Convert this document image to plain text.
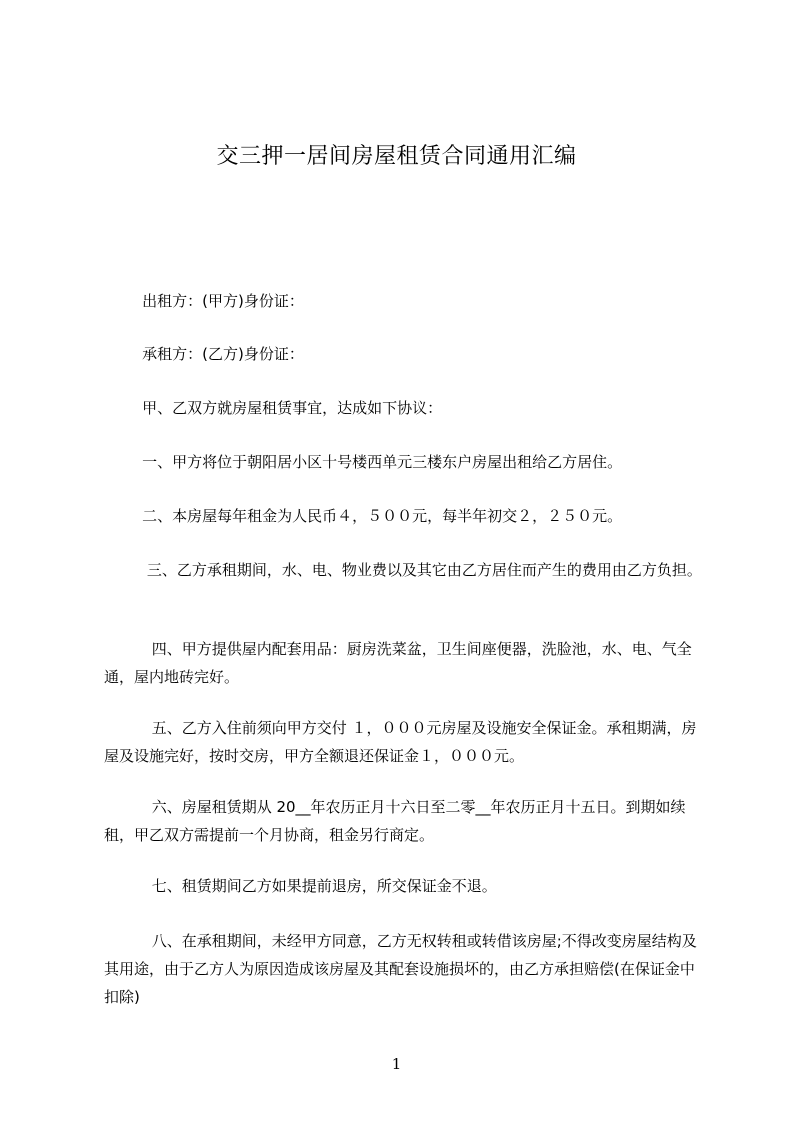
交三押一居间房屋租赁合同通用汇编

出租方：(甲方)身份证：

承租方：(乙方)身份证：

甲、乙双方就房屋租赁事宜，达成如下协议：

一、甲方将位于朝阳居小区十号楼西单元三楼东户房屋出租给乙方居住。

二、本房屋每年租金为人民币４，５００元，每半年初交２，２５０元。

三、乙方承租期间，水、电、物业费以及其它由乙方居住而产生的费用由乙方负担。

四、甲方提供屋内配套用品：厨房洗菜盆，卫生间座便器，洗脸池，水、电、气全通，屋内地砖完好。

五、乙方入住前须向甲方交付 １，０００元房屋及设施安全保证金。承租期满，房屋及设施完好，按时交房，甲方全额退还保证金１，０００元。

六、房屋租赁期从 20__年农历正月十六日至二零__年农历正月十五日。到期如续租，甲乙双方需提前一个月协商，租金另行商定。

七、租赁期间乙方如果提前退房，所交保证金不退。

八、在承租期间，未经甲方同意，乙方无权转租或转借该房屋;不得改变房屋结构及其用途，由于乙方人为原因造成该房屋及其配套设施损坏的，由乙方承担赔偿(在保证金中扣除)

1
